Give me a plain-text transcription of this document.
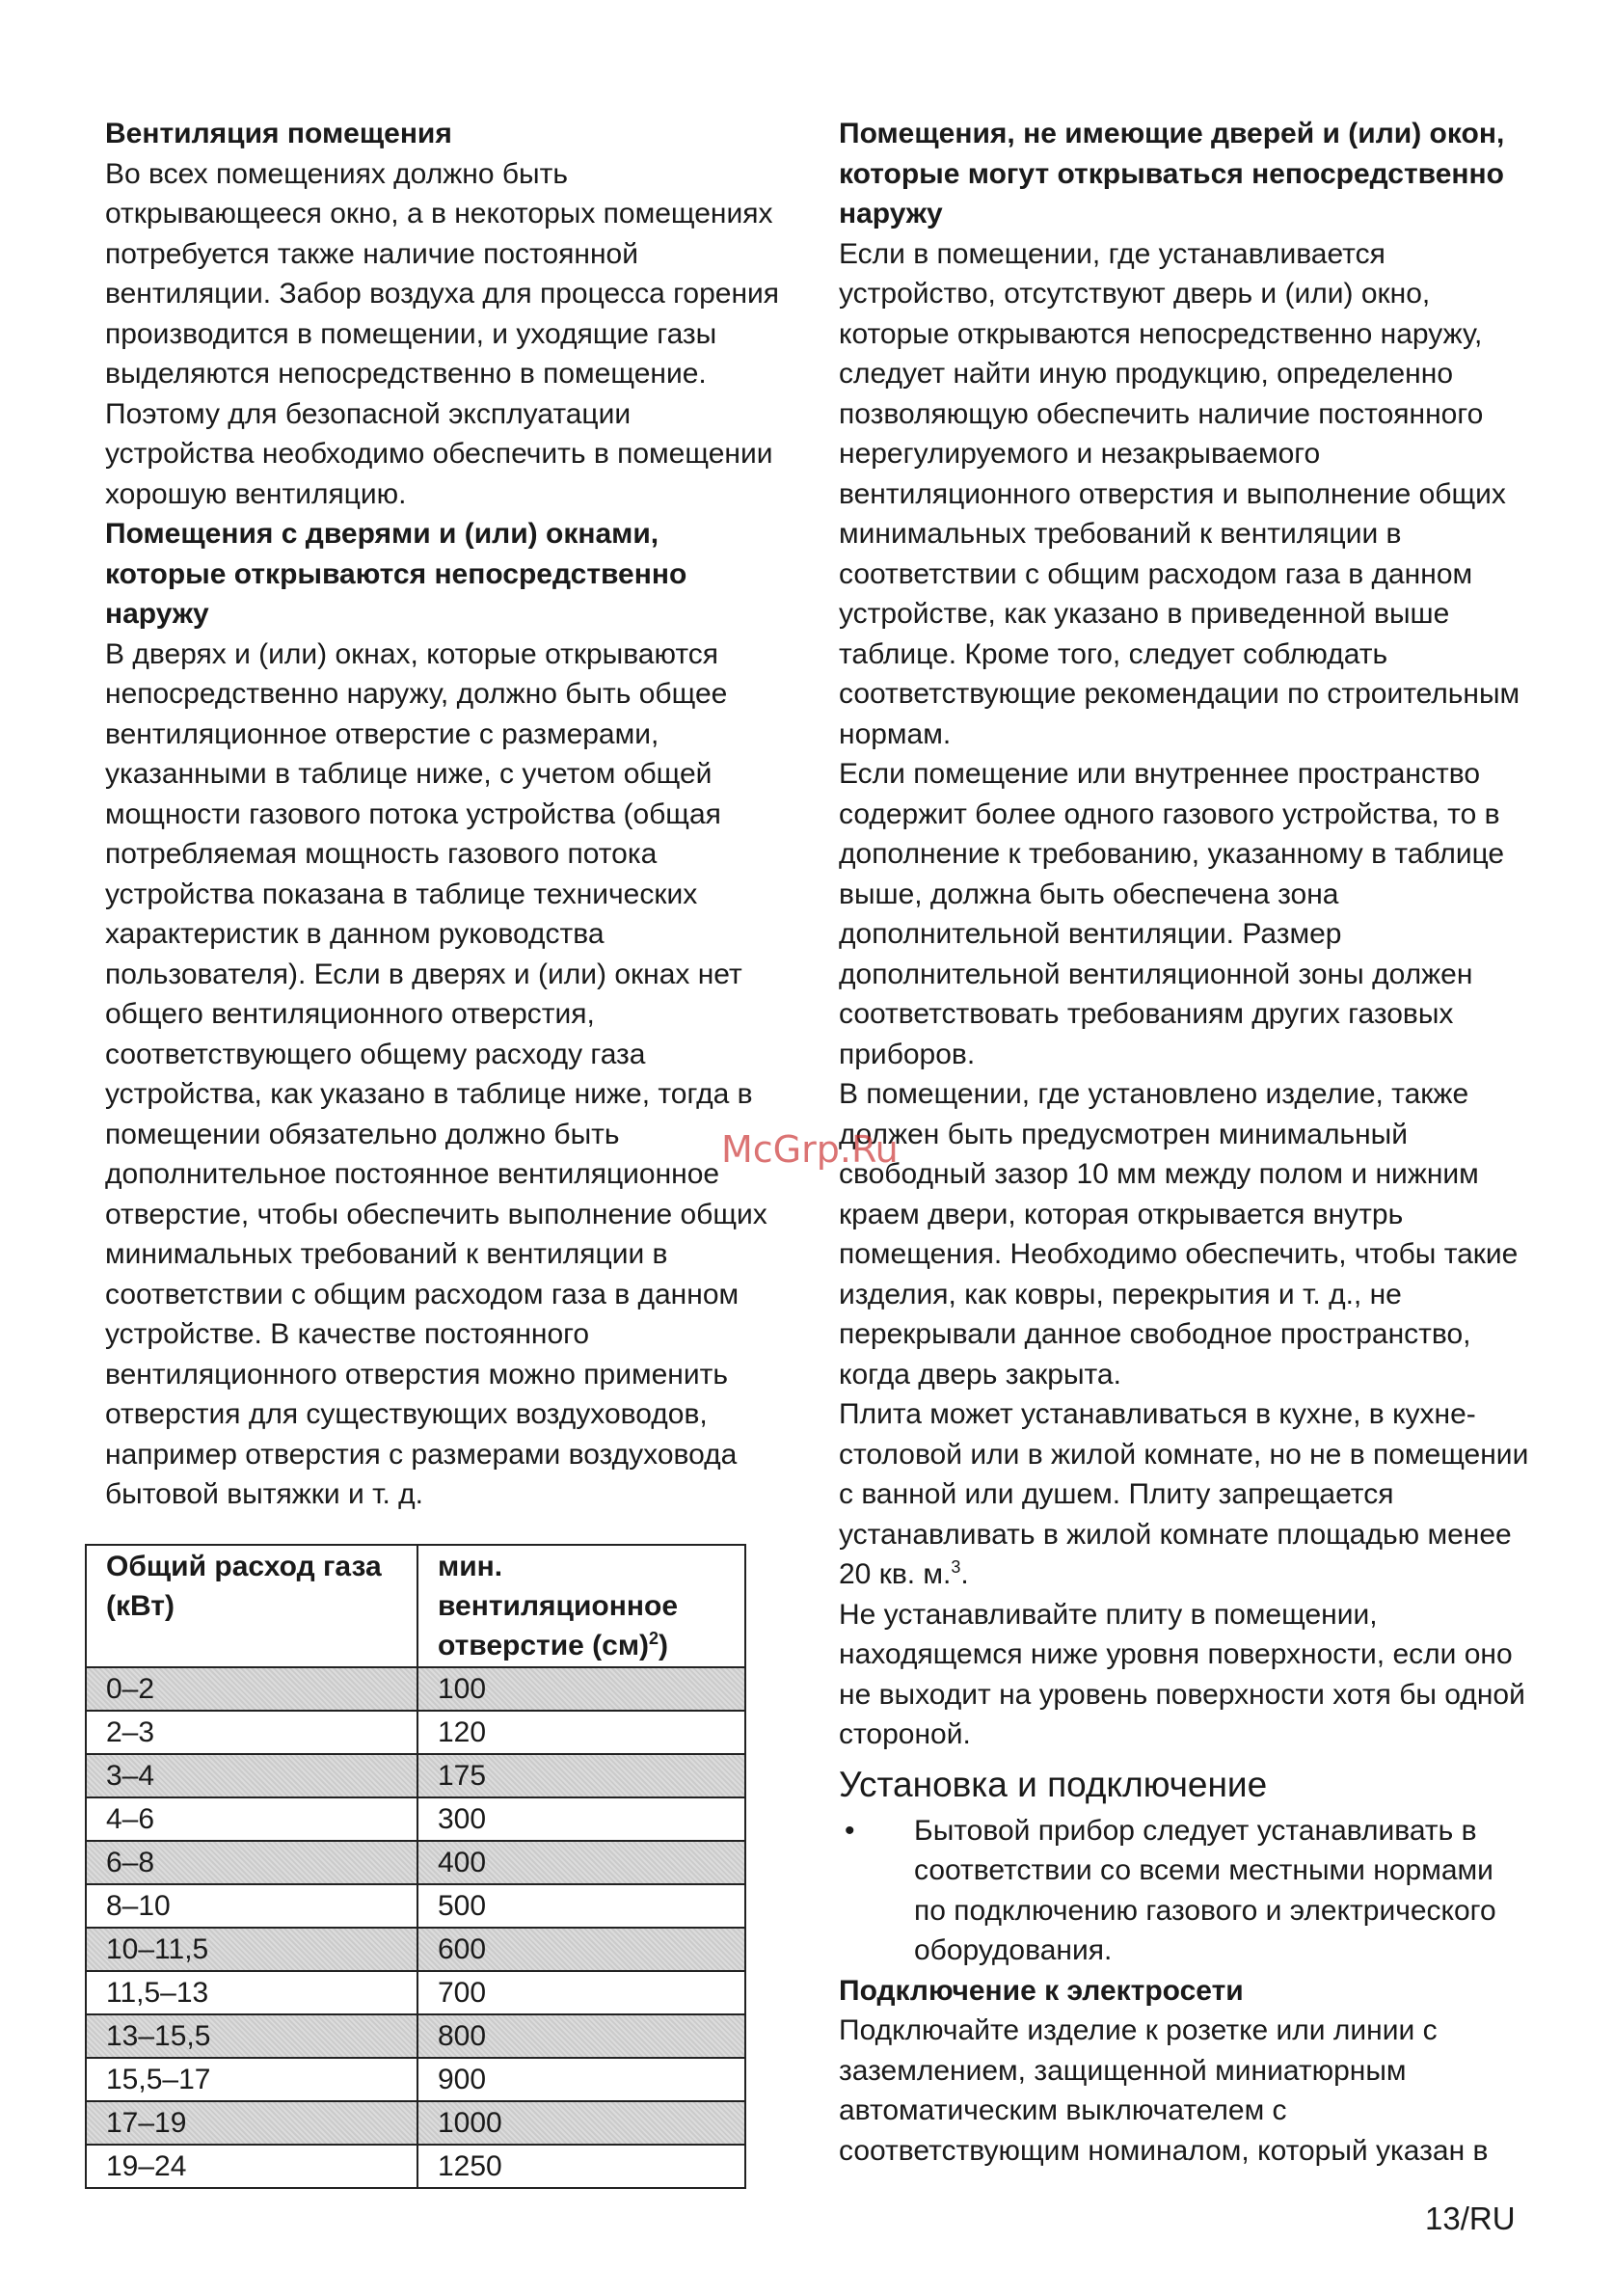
Вентиляция помещения

Во всех помещениях должно быть открывающееся окно, а в некоторых помещениях потребуется также наличие постоянной вентиляции. Забор воздуха для процесса горения производится в помещении, и уходящие газы выделяются непосредственно в помещение. Поэтому для безопасной эксплуатации устройства необходимо обеспечить в помещении хорошую вентиляцию.

Помещения с дверями и (или) окнами, которые открываются непосредственно наружу

В дверях и (или) окнах, которые открываются непосредственно наружу, должно быть общее вентиляционное отверстие с размерами, указанными в таблице ниже, с учетом общей мощности газового потока устройства (общая потребляемая мощность газового потока устройства показана в таблице технических характеристик в данном руководства пользователя). Если в дверях и (или) окнах нет общего вентиляционного отверстия, соответствующего общему расходу газа устройства, как указано в таблице ниже, тогда в помещении обязательно должно быть дополнительное постоянное вентиляционное отверстие, чтобы обеспечить выполнение общих минимальных требований к вентиляции в соответствии с общим расходом газа в данном устройстве. В качестве постоянного вентиляционного отверстия можно применить отверстия для существующих воздуховодов, например отверстия с размерами воздуховода бытовой вытяжки и т. д.

Общий расход газа (кВт)	мин. вентиляционное отверстие (см)$^2$)
0–2	100
2–3	120
3–4	175
4–6	300
6–8	400
8–10	500
10–11,5	600
11,5–13	700
13–15,5	800
15,5–17	900
17–19	1000
19–24	1250

Помещения, не имеющие дверей и (или) окон, которые могут открываться непосредственно наружу

Если в помещении, где устанавливается устройство, отсутствуют дверь и (или) окно, которые открываются непосредственно наружу, следует найти иную продукцию, определенно позволяющую обеспечить наличие постоянного нерегулируемого и незакрываемого вентиляционного отверстия и выполнение общих минимальных требований к вентиляции в соответствии с общим расходом газа в данном устройстве, как указано в приведенной выше таблице. Кроме того, следует соблюдать соответствующие рекомендации по строительным нормам.

Если помещение или внутреннее пространство содержит более одного газового устройства, то в дополнение к требованию, указанному в таблице выше, должна быть обеспечена зона дополнительной вентиляции. Размер дополнительной вентиляционной зоны должен соответствовать требованиям других газовых приборов.

В помещении, где установлено изделие, также должен быть предусмотрен минимальный свободный зазор 10 мм между полом и нижним краем двери, которая открывается внутрь помещения. Необходимо обеспечить, чтобы такие изделия, как ковры, перекрытия и т. д., не перекрывали данное свободное пространство, когда дверь закрыта.

Плита может устанавливаться в кухне, в кухне-столовой или в жилой комнате, но не в помещении с ванной или душем. Плиту запрещается устанавливать в жилой комнате площадью менее 20 кв. м.$^3$.

Не устанавливайте плиту в помещении, находящемся ниже уровня поверхности, если оно не выходит на уровень поверхности хотя бы одной стороной.

Установка и подключение

•	Бытовой прибор следует устанавливать в соответствии со всеми местными нормами по подключению газового и электрического оборудования.

Подключение к электросети

Подключайте изделие к розетке или линии с заземлением, защищенной миниатюрным автоматическим выключателем с соответствующим номиналом, который указан в

McGrp.Ru
13/RU
